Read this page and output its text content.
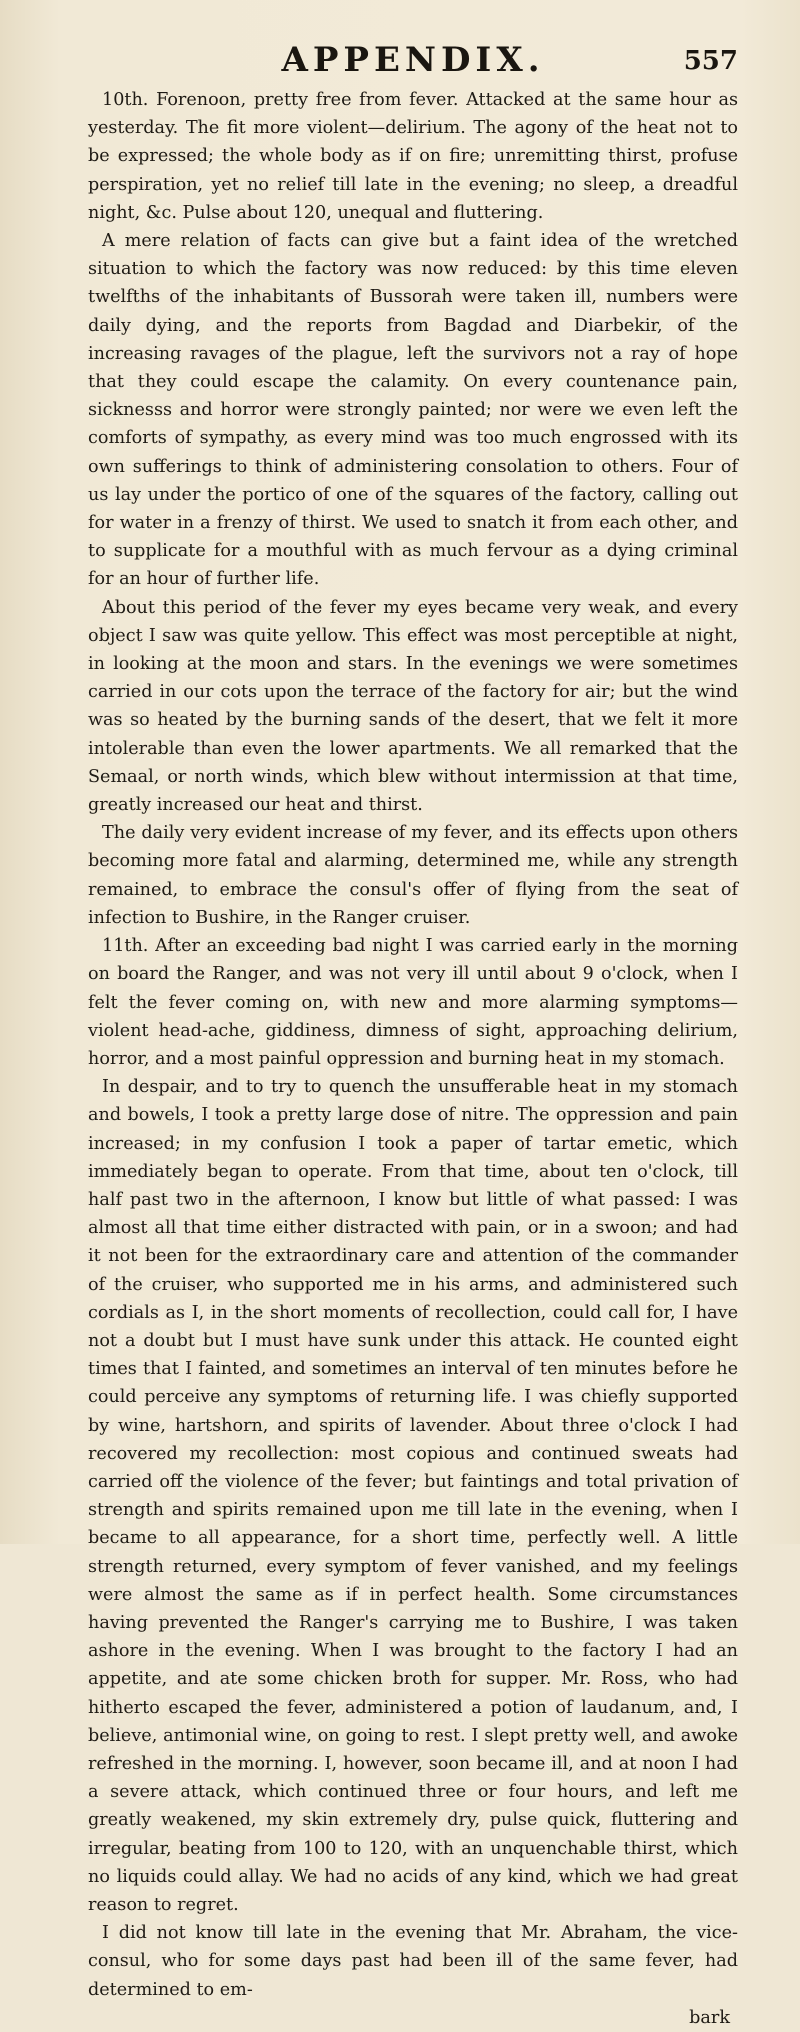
APPENDIX.	557

10th. Forenoon, pretty free from fever. Attacked at the same hour as yesterday. The fit more violent—delirium. The agony of the heat not to be expressed; the whole body as if on fire; unremitting thirst, profuse perspiration, yet no relief till late in the evening; no sleep, a dreadful night, &c. Pulse about 120, unequal and fluttering.

A mere relation of facts can give but a faint idea of the wretched situation to which the factory was now reduced: by this time eleven twelfths of the inhabitants of Bussorah were taken ill, numbers were daily dying, and the reports from Bagdad and Diarbekir, of the increasing ravages of the plague, left the survivors not a ray of hope that they could escape the calamity. On every countenance pain, sicknesss and horror were strongly painted; nor were we even left the comforts of sympathy, as every mind was too much engrossed with its own sufferings to think of administering consolation to others. Four of us lay under the portico of one of the squares of the factory, calling out for water in a frenzy of thirst. We used to snatch it from each other, and to supplicate for a mouthful with as much fervour as a dying criminal for an hour of further life.

About this period of the fever my eyes became very weak, and every object I saw was quite yellow. This effect was most perceptible at night, in looking at the moon and stars. In the evenings we were sometimes carried in our cots upon the terrace of the factory for air; but the wind was so heated by the burning sands of the desert, that we felt it more intolerable than even the lower apartments. We all remarked that the Semaal, or north winds, which blew without intermission at that time, greatly increased our heat and thirst.

The daily very evident increase of my fever, and its effects upon others becoming more fatal and alarming, determined me, while any strength remained, to embrace the consul's offer of flying from the seat of infection to Bushire, in the Ranger cruiser.

11th. After an exceeding bad night I was carried early in the morning on board the Ranger, and was not very ill until about 9 o'clock, when I felt the fever coming on, with new and more alarming symptoms—violent head-ache, giddiness, dimness of sight, approaching delirium, horror, and a most painful oppression and burning heat in my stomach.

In despair, and to try to quench the unsufferable heat in my stomach and bowels, I took a pretty large dose of nitre. The oppression and pain increased; in my confusion I took a paper of tartar emetic, which immediately began to operate. From that time, about ten o'clock, till half past two in the afternoon, I know but little of what passed: I was almost all that time either distracted with pain, or in a swoon; and had it not been for the extraordinary care and attention of the commander of the cruiser, who supported me in his arms, and administered such cordials as I, in the short moments of recollection, could call for, I have not a doubt but I must have sunk under this attack. He counted eight times that I fainted, and sometimes an interval of ten minutes before he could perceive any symptoms of returning life. I was chiefly supported by wine, hartshorn, and spirits of lavender. About three o'clock I had recovered my recollection: most copious and continued sweats had carried off the violence of the fever; but faintings and total privation of strength and spirits remained upon me till late in the evening, when I became to all appearance, for a short time, perfectly well. A little strength returned, every symptom of fever vanished, and my feelings were almost the same as if in perfect health. Some circumstances having prevented the Ranger's carrying me to Bushire, I was taken ashore in the evening. When I was brought to the factory I had an appetite, and ate some chicken broth for supper. Mr. Ross, who had hitherto escaped the fever, administered a potion of laudanum, and, I believe, antimonial wine, on going to rest. I slept pretty well, and awoke refreshed in the morning. I, however, soon became ill, and at noon I had a severe attack, which continued three or four hours, and left me greatly weakened, my skin extremely dry, pulse quick, fluttering and irregular, beating from 100 to 120, with an unquenchable thirst, which no liquids could allay. We had no acids of any kind, which we had great reason to regret.

I did not know till late in the evening that Mr. Abraham, the vice-consul, who for some days past had been ill of the same fever, had determined to em-

bark
